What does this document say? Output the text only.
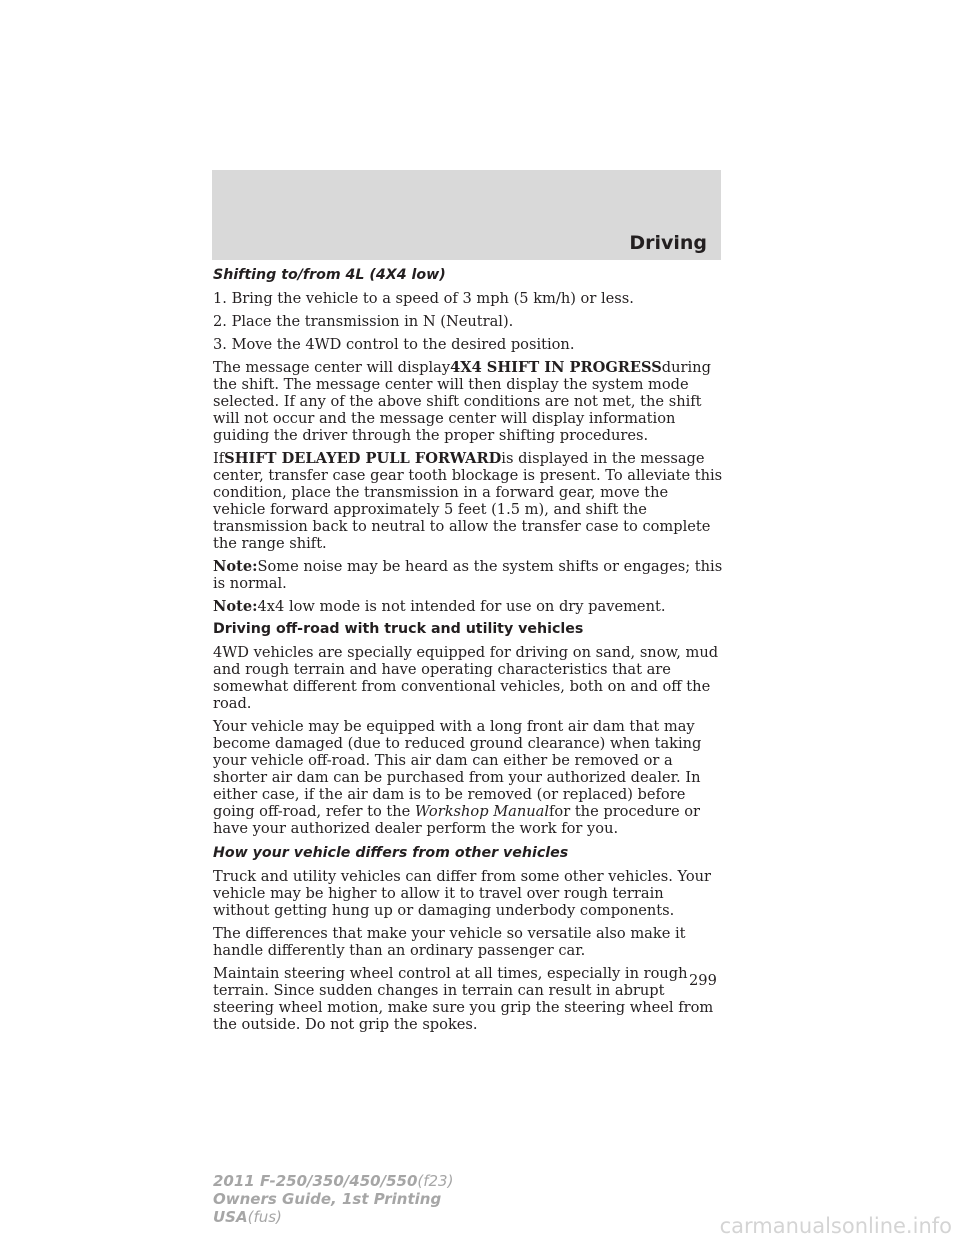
Driving

Shifting to/from 4L (4X4 low)

1. Bring the vehicle to a speed of 3 mph (5 km/h) or less.

2. Place the transmission in N (Neutral).

3. Move the 4WD control to the desired position.

The message center will display4X4 SHIFT IN PROGRESSduring the shift. The message center will then display the system mode selected. If any of the above shift conditions are not met, the shift will not occur and the message center will display information guiding the driver through the proper shifting procedures.

IfSHIFT DELAYED PULL FORWARDis displayed in the message center, transfer case gear tooth blockage is present. To alleviate this condition, place the transmission in a forward gear, move the vehicle forward approximately 5 feet (1.5 m), and shift the transmission back to neutral to allow the transfer case to complete the range shift.

Note:Some noise may be heard as the system shifts or engages; this is normal.

Note:4x4 low mode is not intended for use on dry pavement.

Driving off-road with truck and utility vehicles

4WD vehicles are specially equipped for driving on sand, snow, mud and rough terrain and have operating characteristics that are somewhat different from conventional vehicles, both on and off the road.

Your vehicle may be equipped with a long front air dam that may become damaged (due to reduced ground clearance) when taking your vehicle off-road. This air dam can either be removed or a shorter air dam can be purchased from your authorized dealer. In either case, if the air dam is to be removed (or replaced) before going off-road, refer to the Workshop Manualfor the procedure or have your authorized dealer perform the work for you.

How your vehicle differs from other vehicles

Truck and utility vehicles can differ from some other vehicles. Your vehicle may be higher to allow it to travel over rough terrain without getting hung up or damaging underbody components.

The differences that make your vehicle so versatile also make it handle differently than an ordinary passenger car.

Maintain steering wheel control at all times, especially in rough terrain. Since sudden changes in terrain can result in abrupt steering wheel motion, make sure you grip the steering wheel from the outside. Do not grip the spokes.

299
2011 F-250/350/450/550(f23)
Owners Guide, 1st Printing
USA(fus)	carmanualsonline.info
